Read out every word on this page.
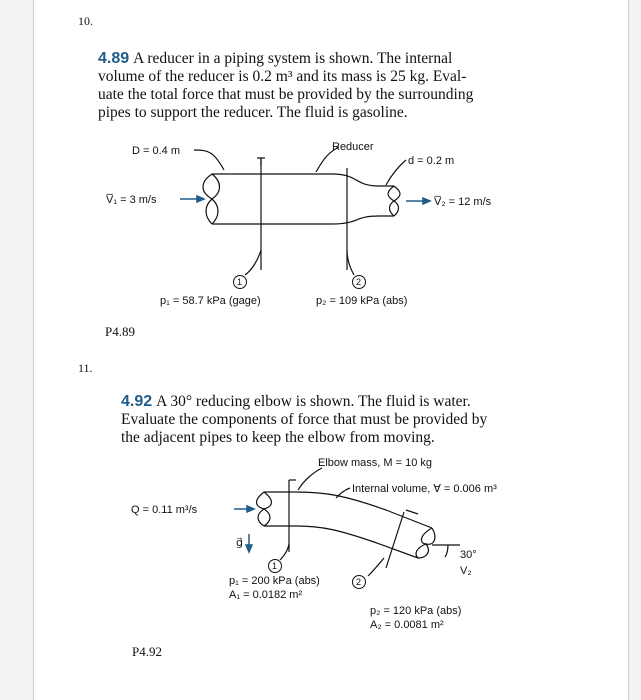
10.
4.89 A reducer in a piping system is shown. The internal
volume of the reducer is 0.2 m³ and its mass is 25 kg. Eval-
uate the total force that must be provided by the surrounding
pipes to support the reducer. The fluid is gasoline.
D = 0.4 m	Reducer
d = 0.2 m
V̅₁ = 3 m/s	V̅₂ = 12 m/s
1	2
p₁ = 58.7 kPa (gage)	p₂ = 109 kPa (abs)
P4.89
11.
4.92 A 30° reducing elbow is shown. The fluid is water.
Evaluate the components of force that must be provided by
the adjacent pipes to keep the elbow from moving.
Elbow mass, M = 10 kg
Internal volume, ∀ = 0.006 m³
Q = 0.11 m³/s
g⃗
30°
V₂
1
2
p₁ = 200 kPa (abs)
A₁ = 0.0182 m²
p₂ = 120 kPa (abs)
A₂ = 0.0081 m²
P4.92
